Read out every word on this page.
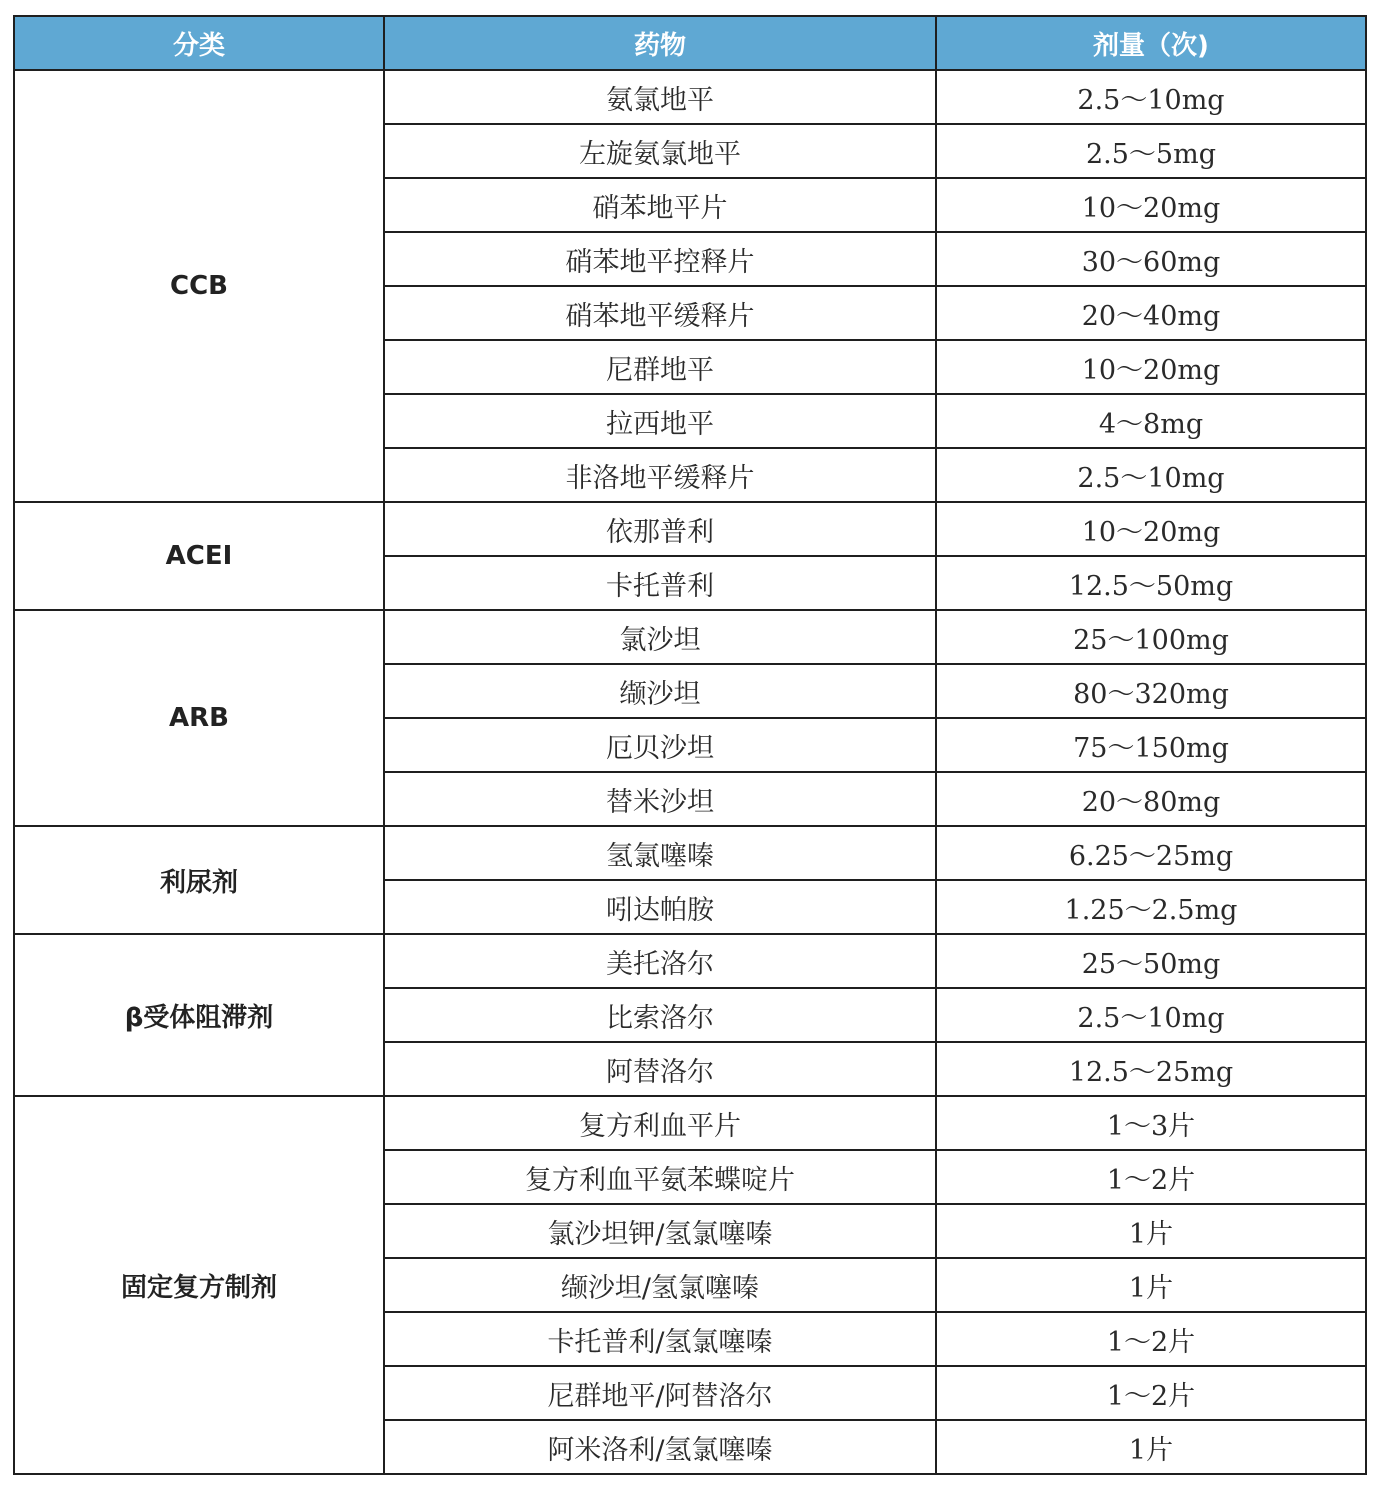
分类	药物	剂量（次)
CCB	氨氯地平	2.5～10mg
	左旋氨氯地平	2.5～5mg
	硝苯地平片	10～20mg
	硝苯地平控释片	30～60mg
	硝苯地平缓释片	20～40mg
	尼群地平	10～20mg
	拉西地平	4～8mg
	非洛地平缓释片	2.5～10mg
ACEI	依那普利	10～20mg
	卡托普利	12.5～50mg
ARB	氯沙坦	25～100mg
	缬沙坦	80～320mg
	厄贝沙坦	75～150mg
	替米沙坦	20～80mg
利尿剂	氢氯噻嗪	6.25～25mg
	吲达帕胺	1.25～2.5mg
β受体阻滞剂	美托洛尔	25～50mg
	比索洛尔	2.5～10mg
	阿替洛尔	12.5～25mg
固定复方制剂	复方利血平片	1～3片
	复方利血平氨苯蝶啶片	1～2片
	氯沙坦钾/氢氯噻嗪	1片
	缬沙坦/氢氯噻嗪	1片
	卡托普利/氢氯噻嗪	1～2片
	尼群地平/阿替洛尔	1～2片
	阿米洛利/氢氯噻嗪	1片
